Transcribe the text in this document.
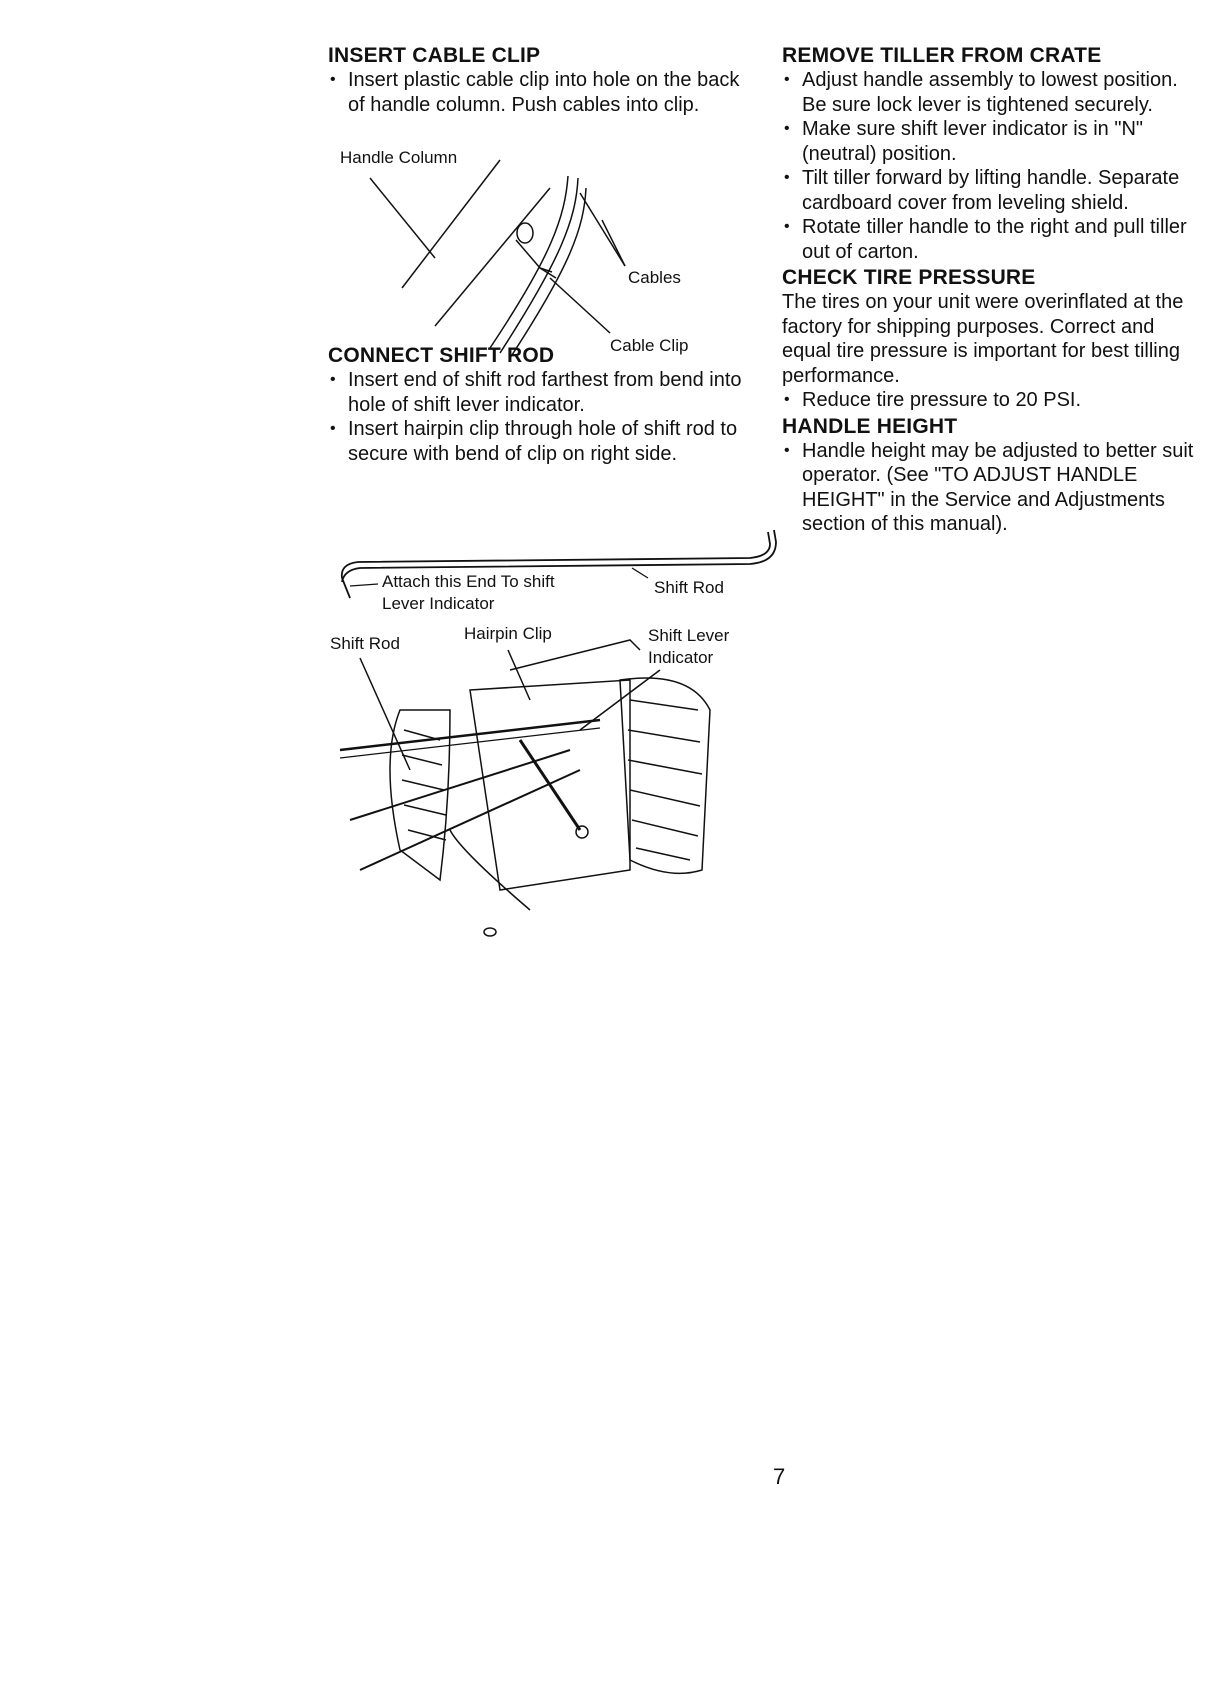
INSERT CABLE CLIP
• Insert plastic cable clip into hole on the back of handle column. Push cables into clip.
Handle Column
Cables
Cable Clip
CONNECT SHIFT ROD
• Insert end of shift rod farthest from bend into hole of shift lever indicator.
• Insert hairpin clip through hole of shift rod to secure with bend of clip on right side.
Attach this End To shift
Lever Indicator
Shift Rod
Shift Rod
Hairpin Clip	Shift Lever
Indicator
REMOVE TILLER FROM CRATE
• Adjust handle assembly to lowest position. Be sure lock lever is tightened securely.
• Make sure shift lever indicator is in "N" (neutral) position.
• Tilt tiller forward by lifting handle. Separate cardboard cover from leveling shield.
• Rotate tiller handle to the right and pull tiller out of carton.
CHECK TIRE PRESSURE

The tires on your unit were overinflated at the factory for shipping purposes. Correct and equal tire pressure is important for best tilling performance.

• Reduce tire pressure to 20 PSI.
HANDLE HEIGHT
• Handle height may be adjusted to better suit operator. (See "TO ADJUST HANDLE HEIGHT" in the Service and Adjustments section of this manual).
7
